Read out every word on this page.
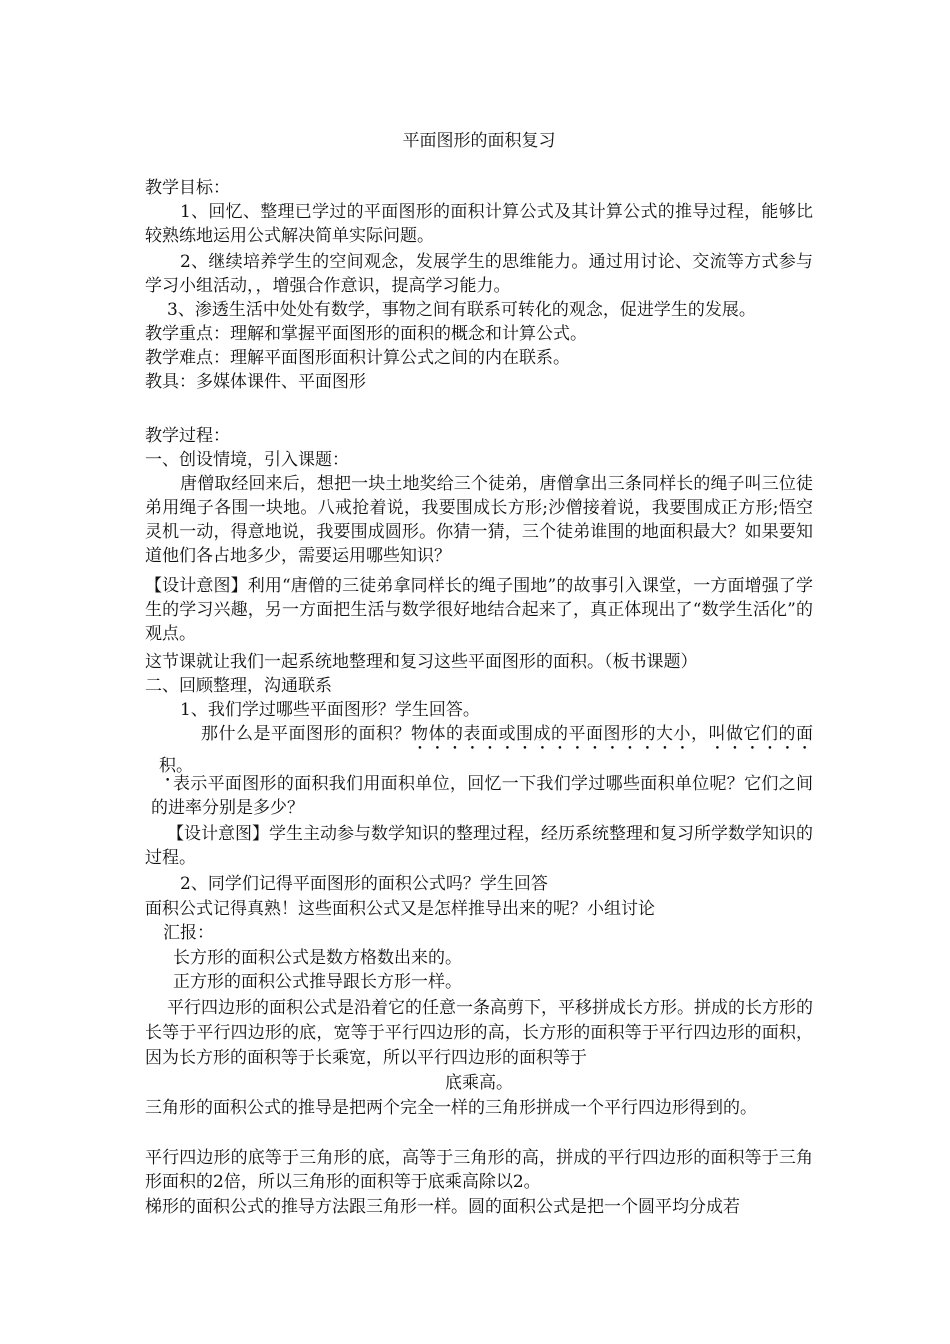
平面图形的面积复习
教学目标：
1、回忆、整理已学过的平面图形的面积计算公式及其计算公式的推导过程，能够比较熟练地运用公式解决简单实际问题。
2、继续培养学生的空间观念，发展学生的思维能力。通过用讨论、交流等方式参与学习小组活动，，增强合作意识，提高学习能力。
3、渗透生活中处处有数学，事物之间有联系可转化的观念，促进学生的发展。
教学重点：理解和掌握平面图形的面积的概念和计算公式。
教学难点：理解平面图形面积计算公式之间的内在联系。
教具：多媒体课件、平面图形
教学过程：
一、创设情境，引入课题：
唐僧取经回来后，想把一块土地奖给三个徒弟，唐僧拿出三条同样长的绳子叫三位徒弟用绳子各围一块地。八戒抢着说，我要围成长方形;沙僧接着说，我要围成正方形;悟空灵机一动，得意地说，我要围成圆形。你猜一猜，三个徒弟谁围的地面积最大？如果要知道他们各占地多少，需要运用哪些知识？
【设计意图】利用“唐僧的三徒弟拿同样长的绳子围地”的故事引入课堂，一方面增强了学生的学习兴趣，另一方面把生活与数学很好地结合起来了，真正体现出了“数学生活化”的观点。
这节课就让我们一起系统地整理和复习这些平面图形的面积。（板书课题）
二、回顾整理，沟通联系
1、我们学过哪些平面图形？学生回答。
那什么是平面图形的面积？物体的表面或围成的平面图形的大小，叫做它们的面积。
表示平面图形的面积我们用面积单位，回忆一下我们学过哪些面积单位呢？它们之间的进率分别是多少？
【设计意图】学生主动参与数学知识的整理过程，经历系统整理和复习所学数学知识的过程。
2、同学们记得平面图形的面积公式吗？学生回答
面积公式记得真熟！这些面积公式又是怎样推导出来的呢？小组讨论
汇报：
长方形的面积公式是数方格数出来的。
正方形的面积公式推导跟长方形一样。
平行四边形的面积公式是沿着它的任意一条高剪下，平移拼成长方形。拼成的长方形的长等于平行四边形的底，宽等于平行四边形的高，长方形的面积等于平行四边形的面积，因为长方形的面积等于长乘宽，所以平行四边形的面积等于
底乘高。
三角形的面积公式的推导是把两个完全一样的三角形拼成一个平行四边形得到的。
平行四边形的底等于三角形的底，高等于三角形的高，拼成的平行四边形的面积等于三角形面积的2倍，所以三角形的面积等于底乘高除以2。
梯形的面积公式的推导方法跟三角形一样。圆的面积公式是把一个圆平均分成若
